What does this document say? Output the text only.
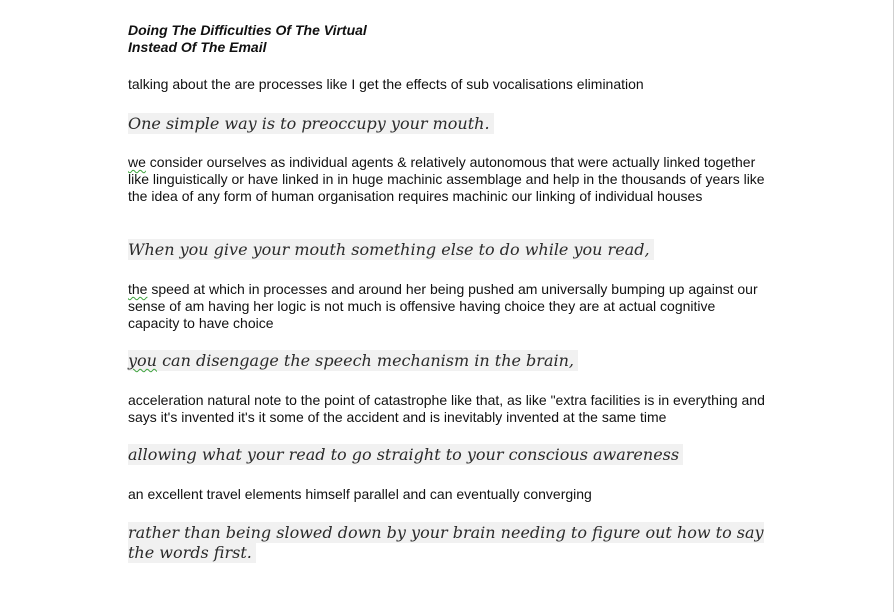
Doing The Difficulties Of The Virtual
Instead Of The Email
talking about the are processes like I get the effects of sub vocalisations elimination
One simple way is to preoccupy your mouth.
we consider ourselves as individual agents & relatively autonomous that were actually linked together like linguistically or have linked in in huge machinic assemblage and help in the thousands of years like the idea of any form of human organisation requires machinic our linking of individual houses
When you give your mouth something else to do while you read,
the speed at which in processes and around her being pushed am universally bumping up against our sense of am having her logic is not much is offensive having choice they are at actual cognitive capacity to have choice
you can disengage the speech mechanism in the brain,
acceleration natural note to the point of catastrophe like that, as like "extra facilities is in everything and says it's invented it's it some of the accident and is inevitably invented at the same time
allowing what your read to go straight to your conscious awareness
an excellent travel elements himself parallel and can eventually converging
rather than being slowed down by your brain needing to figure out how to say the words first.
